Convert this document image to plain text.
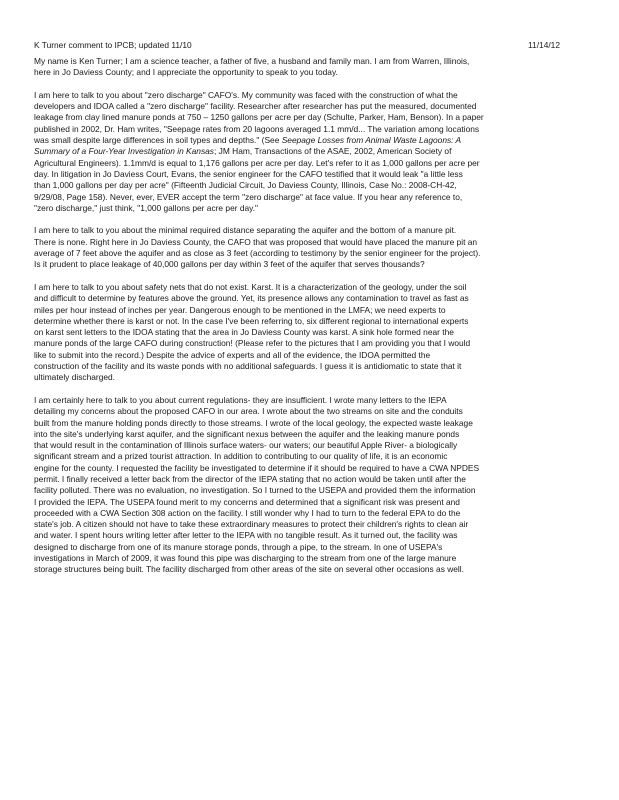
K Turner comment to IPCB; updated 11/10	11/14/12

My name is Ken Turner; I am a science teacher, a father of five, a husband and family man. I am from Warren, Illinois,
here in Jo Daviess County; and I appreciate the opportunity to speak to you today.

I am here to talk to you about "zero discharge" CAFO's. My community was faced with the construction of what the
developers and IDOA called a "zero discharge" facility. Researcher after researcher has put the measured, documented
leakage from clay lined manure ponds at 750 – 1250 gallons per acre per day (Schulte, Parker, Ham, Benson). In a paper
published in 2002, Dr. Ham writes, "Seepage rates from 20 lagoons averaged 1.1 mm/d... The variation among locations
was small despite large differences in soil types and depths." (See Seepage Losses from Animal Waste Lagoons: A
Summary of a Four-Year Investigation in Kansas; JM Ham, Transactions of the ASAE, 2002, American Society of
Agricultural Engineers). 1.1mm/d is equal to 1,176 gallons per acre per day. Let's refer to it as 1,000 gallons per acre per
day. In litigation in Jo Daviess Court, Evans, the senior engineer for the CAFO testified that it would leak "a little less
than 1,000 gallons per day per acre" (Fifteenth Judicial Circuit, Jo Daviess County, Illinois, Case No.: 2008-CH-42,
9/29/08, Page 158). Never, ever, EVER accept the term "zero discharge" at face value. If you hear any reference to,
"zero discharge," just think, "1,000 gallons per acre per day."

I am here to talk to you about the minimal required distance separating the aquifer and the bottom of a manure pit.
There is none. Right here in Jo Daviess County, the CAFO that was proposed that would have placed the manure pit an
average of 7 feet above the aquifer and as close as 3 feet (according to testimony by the senior engineer for the project).
Is it prudent to place leakage of 40,000 gallons per day within 3 feet of the aquifer that serves thousands?

I am here to talk to you about safety nets that do not exist. Karst. It is a characterization of the geology, under the soil
and difficult to determine by features above the ground. Yet, its presence allows any contamination to travel as fast as
miles per hour instead of inches per year. Dangerous enough to be mentioned in the LMFA; we need experts to
determine whether there is karst or not. In the case I've been referring to, six different regional to international experts
on karst sent letters to the IDOA stating that the area in Jo Daviess County was karst. A sink hole formed near the
manure ponds of the large CAFO during construction! (Please refer to the pictures that I am providing you that I would
like to submit into the record.) Despite the advice of experts and all of the evidence, the IDOA permitted the
construction of the facility and its waste ponds with no additional safeguards. I guess it is antidiomatic to state that it
ultimately discharged.

I am certainly here to talk to you about current regulations- they are insufficient. I wrote many letters to the IEPA
detailing my concerns about the proposed CAFO in our area. I wrote about the two streams on site and the conduits
built from the manure holding ponds directly to those streams. I wrote of the local geology, the expected waste leakage
into the site's underlying karst aquifer, and the significant nexus between the aquifer and the leaking manure ponds
that would result in the contamination of Illinois surface waters- our waters; our beautiful Apple River- a biologically
significant stream and a prized tourist attraction. In addition to contributing to our quality of life, it is an economic
engine for the county. I requested the facility be investigated to determine if it should be required to have a CWA NPDES
permit. I finally received a letter back from the director of the IEPA stating that no action would be taken until after the
facility polluted. There was no evaluation, no investigation. So I turned to the USEPA and provided them the information
I provided the IEPA. The USEPA found merit to my concerns and determined that a significant risk was present and
proceeded with a CWA Section 308 action on the facility. I still wonder why I had to turn to the federal EPA to do the
state's job. A citizen should not have to take these extraordinary measures to protect their children's rights to clean air
and water. I spent hours writing letter after letter to the IEPA with no tangible result. As it turned out, the facility was
designed to discharge from one of its manure storage ponds, through a pipe, to the stream. In one of USEPA's
investigations in March of 2009, it was found this pipe was discharging to the stream from one of the large manure
storage structures being built. The facility discharged from other areas of the site on several other occasions as well.
